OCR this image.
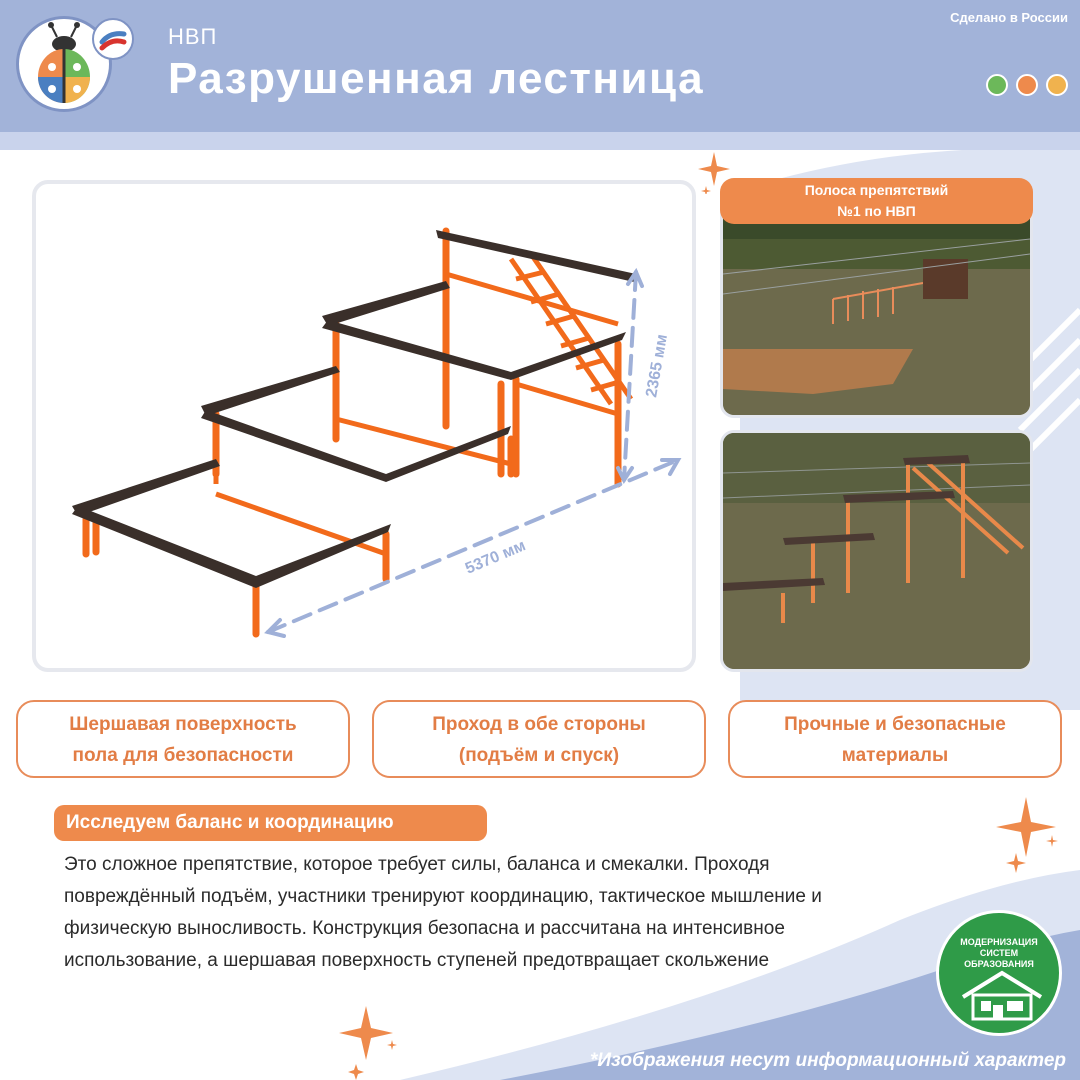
НВП
Разрушенная лестница
Сделано в России
2365 мм
5370 мм
Полоса препятствий
№1 по НВП
Шершавая поверхность
пола для безопасности
Проход в обе стороны
(подъём и спуск)
Прочные и безопасные
материалы
Исследуем баланс и координацию
Это сложное препятствие, которое требует силы, баланса и смекалки. Проходя повреждённый подъём, участники тренируют координацию, тактическое мышление и физическую выносливость. Конструкция безопасна и рассчитана на интенсивное использование, а шершавая поверхность ступеней предотвращает скольжение
МОДЕРНИЗАЦИЯ
СИСТЕМ
ОБРАЗОВАНИЯ
*Изображения несут информационный характер
